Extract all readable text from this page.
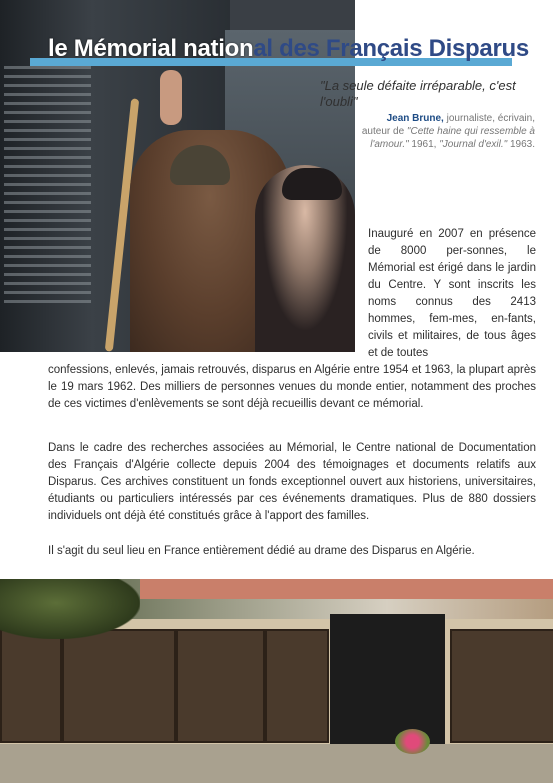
le Mémorial national des Français Disparus

"La seule défaite irréparable, c'est l'oubli"

Jean Brune, journaliste, écrivain, auteur de "Cette haine qui ressemble à l'amour." 1961, "Journal d'exil." 1963.

Inauguré en 2007 en présence de 8000 per-sonnes, le Mémorial est érigé dans le jardin du Centre. Y sont inscrits les noms connus des 2413 hommes, fem-mes, en-fants, civils et militaires, de tous âges et de toutes

confessions, enlevés, jamais retrouvés, disparus en Algérie entre 1954 et 1963, la plupart après le 19 mars 1962. Des milliers de personnes venues du monde entier, notamment des proches de ces victimes d'enlèvements se sont déjà recueillis devant ce mémorial.

Dans le cadre des recherches associées au Mémorial, le Centre national de Documentation des Français d'Algérie collecte depuis 2004 des témoignages et documents relatifs aux Disparus. Ces archives constituent un fonds exceptionnel ouvert aux historiens, universitaires, étudiants ou particuliers intéressés par ces événements dramatiques. Plus de 880 dossiers individuels ont déjà été constitués grâce à l'apport des familles.

Il s'agit du seul lieu en France entièrement dédié au drame des Disparus en Algérie.
